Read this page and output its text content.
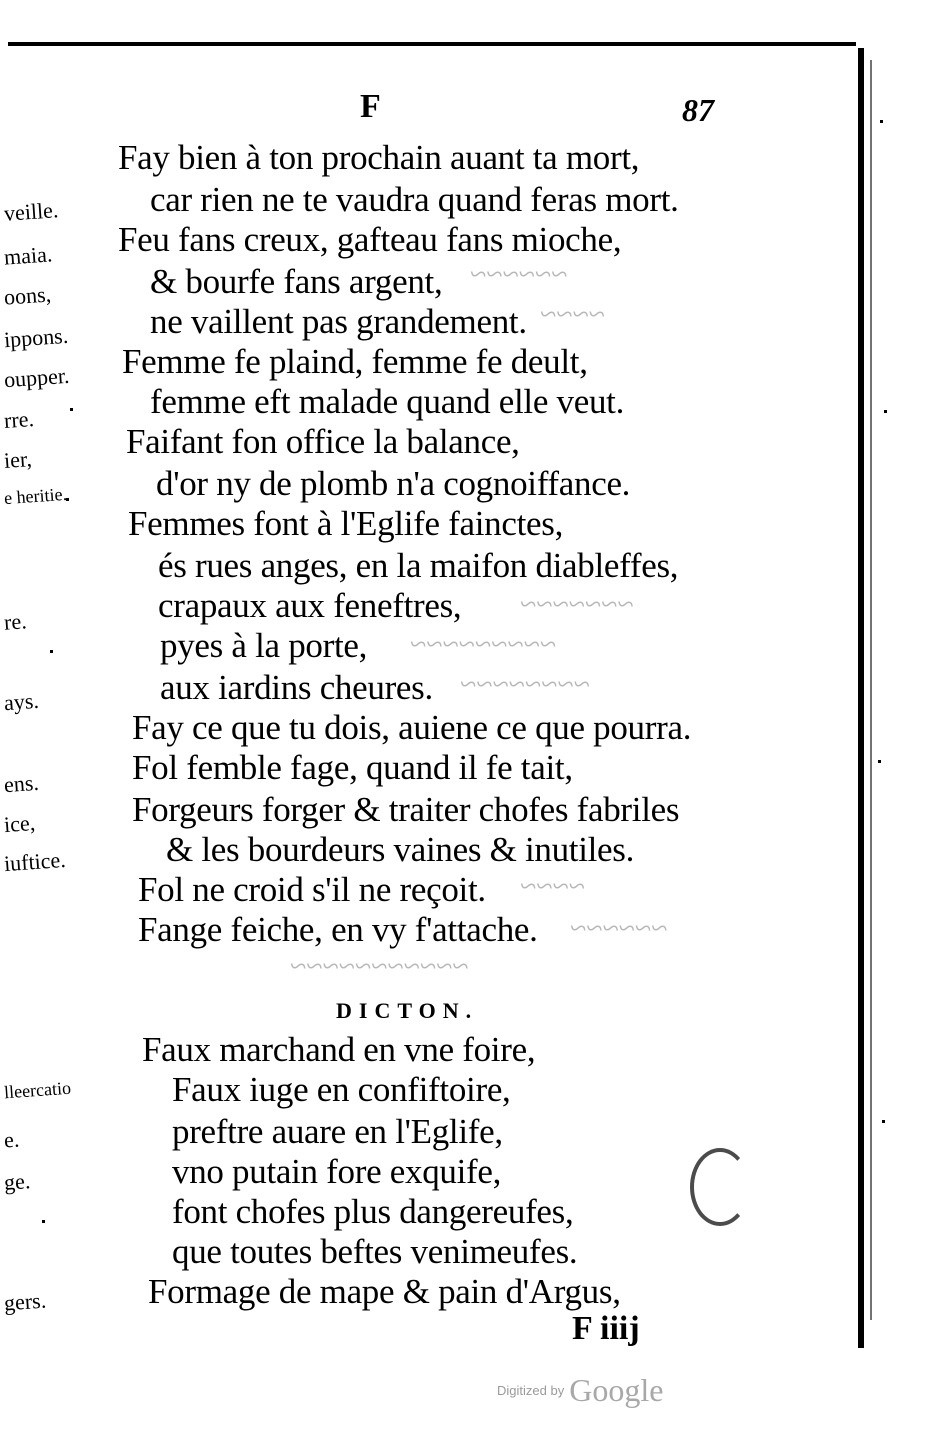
veille.
maia.
oons,
ippons.
oupper.
rre.
ier,
e heritie.
re.
ays.
ens.
ice,
iuftice.
lleercatio
e.
ge.
gers.
F	87
~~~~~~
~~~~
~~~~~~~
~~~~~~~~~
~~~~~~~~
~~~~
~~~~~~
~~~~~~~~~~~
Fay bien à ton prochain auant ta mort,
car rien ne te vaudra quand feras mort.
Feu fans creux, gafteau fans mioche,
& bourfe fans argent,
ne vaillent pas grandement.
Femme fe plaind, femme fe deult,
femme eft malade quand elle veut.
Faifant fon office la balance,
d'or ny de plomb n'a cognoiffance.
Femmes font à l'Eglife fainctes,
és rues anges, en la maifon diableffes,
crapaux aux feneftres,
pyes à la porte,
aux iardins cheures.
Fay ce que tu dois, auiene ce que pourra.
Fol femble fage, quand il fe tait,
Forgeurs forger & traiter chofes fabriles
& les bourdeurs vaines & inutiles.
Fol ne croid s'il ne reçoit.
Fange feiche, en vy f'attache.
DICTON.
Faux marchand en vne foire,
Faux iuge en confiftoire,
preftre auare en l'Eglife,
vno putain fore exquife,
font chofes plus dangereufes,
que toutes beftes venimeufes.
Formage de mape & pain d'Argus,
F iiij
$^{Digitized by}$ Google
